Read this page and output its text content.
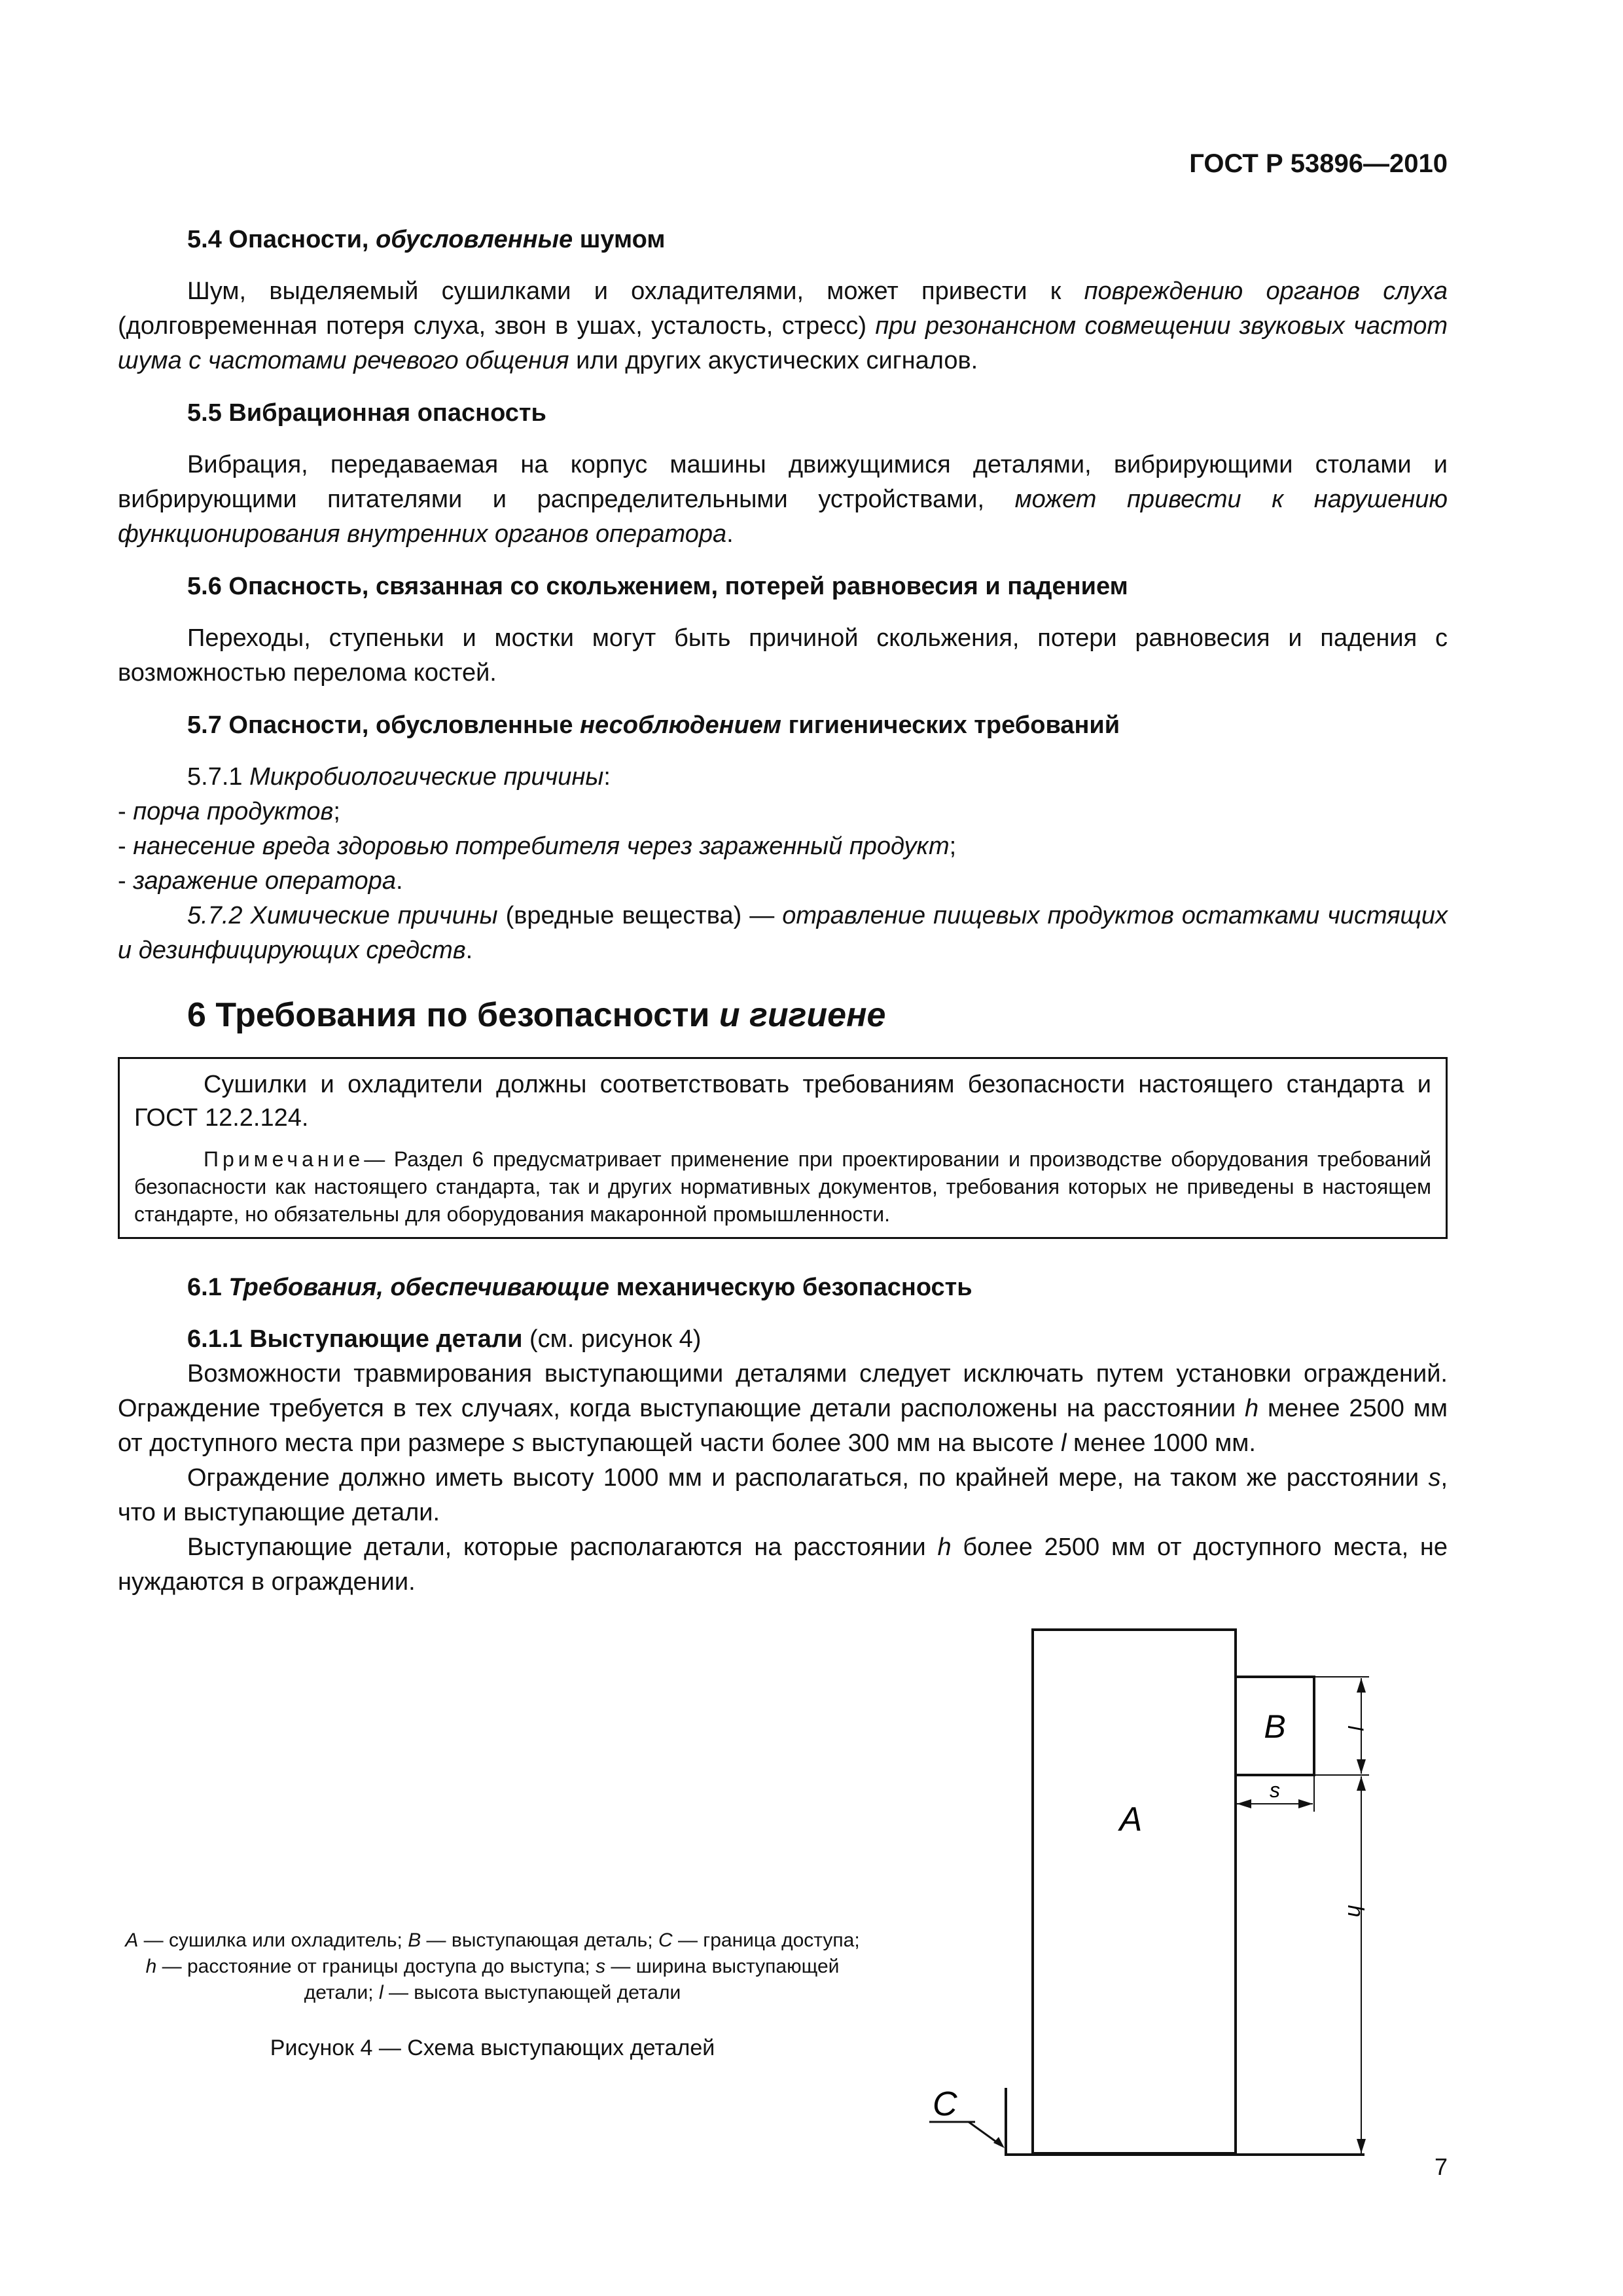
ГОСТ Р 53896—2010
5.4 Опасности, обусловленные шумом

Шум, выделяемый сушилками и охладителями, может привести к повреждению органов слуха (долговременная потеря слуха, звон в ушах, усталость, стресс) при резонансном совмещении звуковых частот шума с частотами речевого общения или других акустических сигналов.

5.5 Вибрационная опасность

Вибрация, передаваемая на корпус машины движущимися деталями, вибрирующими столами и вибрирующими питателями и распределительными устройствами, может привести к нарушению функционирования внутренних органов оператора.

5.6 Опасность, связанная со скольжением, потерей равновесия и падением

Переходы, ступеньки и мостки могут быть причиной скольжения, потери равновесия и падения с возможностью перелома костей.

5.7 Опасности, обусловленные несоблюдением гигиенических требований

5.7.1 Микробиологические причины:

- порча продуктов;

- нанесение вреда здоровью потребителя через зараженный продукт;

- заражение оператора.

5.7.2 Химические причины (вредные вещества) — отравление пищевых продуктов остатками чистящих и дезинфицирующих средств.

6 Требования по безопасности и гигиене

Сушилки и охладители должны соответствовать требованиям безопасности настоящего стандарта и ГОСТ 12.2.124.

Примечание— Раздел 6 предусматривает применение при проектировании и производстве оборудования требований безопасности как настоящего стандарта, так и других нормативных документов, требования которых не приведены в настоящем стандарте, но обязательны для оборудования макаронной промышленности.

6.1 Требования, обеспечивающие механическую безопасность

6.1.1 Выступающие детали (см. рисунок 4)

Возможности травмирования выступающими деталями следует исключать путем установки ограждений. Ограждение требуется в тех случаях, когда выступающие детали расположены на расстоянии h менее 2500 мм от доступного места при размере s выступающей части более 300 мм на высоте l менее 1000 мм.

Ограждение должно иметь высоту 1000 мм и располагаться, по крайней мере, на таком же расстоянии s, что и выступающие детали.

Выступающие детали, которые располагаются на расстоянии h более 2500 мм от доступного места, не нуждаются в ограждении.

A
B
C
s
l
h
A — сушилка или охладитель; B — выступающая деталь; C — граница доступа; h — расстояние от границы доступа до выступа; s — ширина выступающей детали; l — высота выступающей детали
Рисунок 4 — Схема выступающих деталей
7
